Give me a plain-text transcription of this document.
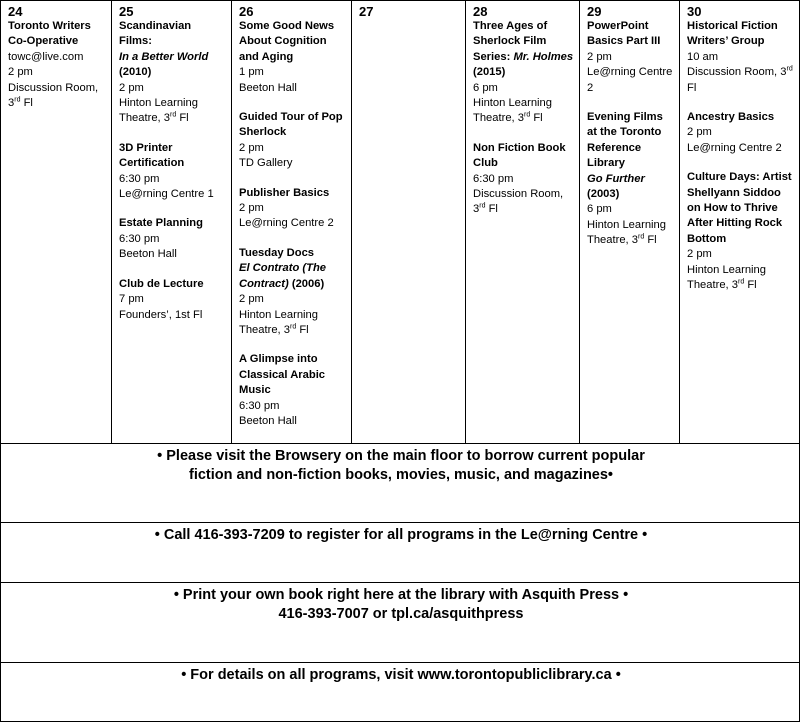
24
Toronto Writers Co-Operative
towc@live.com
2 pm
Discussion Room, 3rd Fl

25
Scandinavian Films:
In a Better World
(2010)
2 pm
Hinton Learning Theatre, 3rd Fl
3D Printer Certification
6:30 pm
Le@rning Centre 1
Estate Planning
6:30 pm
Beeton Hall
Club de Lecture
7 pm
Founders’, 1st Fl

26
Some Good News About Cognition and Aging
1 pm
Beeton Hall
Guided Tour of Pop Sherlock
2 pm
TD Gallery
Publisher Basics
2 pm
Le@rning Centre 2
Tuesday Docs
El Contrato (The Contract) (2006)
2 pm
Hinton Learning Theatre, 3rd Fl
A Glimpse into Classical Arabic Music
6:30 pm
Beeton Hall

27	28
Three Ages of Sherlock Film Series: Mr. Holmes
(2015)
6 pm
Hinton Learning Theatre, 3rd Fl
Non Fiction Book Club
6:30 pm
Discussion Room, 3rd Fl

29
PowerPoint Basics Part III
2 pm
Le@rning Centre 2
Evening Films at the Toronto Reference Library
Go Further
(2003)
6 pm
Hinton Learning Theatre, 3rd Fl

30
Historical Fiction Writers’ Group
10 am
Discussion Room, 3rd Fl
Ancestry Basics
2 pm
Le@rning Centre 2
Culture Days: Artist Shellyann Siddoo on How to Thrive After Hitting Rock Bottom
2 pm
Hinton Learning Theatre, 3rd Fl

• Please visit the Browsery on the main floor to borrow current popular
fiction and non-fiction books, movies, music, and magazines•
• Call 416-393-7209 to register for all programs in the Le@rning Centre •
• Print your own book right here at the library with Asquith Press •
416-393-7007 or tpl.ca/asquithpress
• For details on all programs, visit www.torontopubliclibrary.ca •
